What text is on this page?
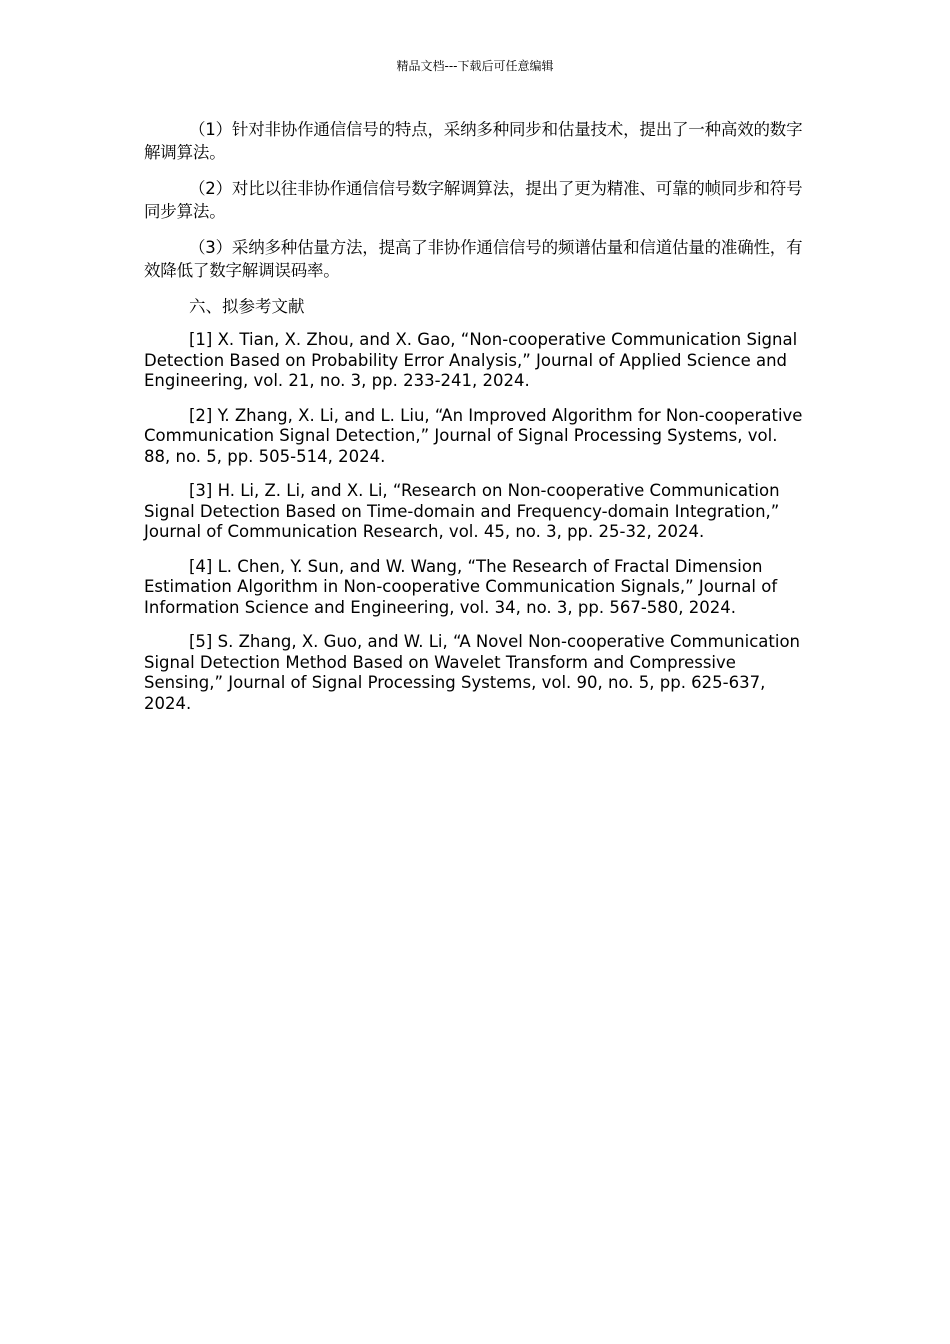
精品文档---下载后可任意编辑

（1）针对非协作通信信号的特点，采纳多种同步和估量技术，提出了一种高效的数字解调算法。

（2）对比以往非协作通信信号数字解调算法，提出了更为精准、可靠的帧同步和符号同步算法。

（3）采纳多种估量方法，提高了非协作通信信号的频谱估量和信道估量的准确性，有效降低了数字解调误码率。

六、拟参考文献

[1] X. Tian, X. Zhou, and X. Gao, “Non-cooperative Communication Signal Detection Based on Probability Error Analysis,” Journal of Applied Science and Engineering, vol. 21, no. 3, pp. 233-241, 2024.

[2] Y. Zhang, X. Li, and L. Liu, “An Improved Algorithm for Non-cooperative Communication Signal Detection,” Journal of Signal Processing Systems, vol. 88, no. 5, pp. 505-514, 2024.

[3] H. Li, Z. Li, and X. Li, “Research on Non-cooperative Communication Signal Detection Based on Time-domain and Frequency-domain Integration,” Journal of Communication Research, vol. 45, no. 3, pp. 25-32, 2024.

[4] L. Chen, Y. Sun, and W. Wang, “The Research of Fractal Dimension Estimation Algorithm in Non-cooperative Communication Signals,” Journal of Information Science and Engineering, vol. 34, no. 3, pp. 567-580, 2024.

[5] S. Zhang, X. Guo, and W. Li, “A Novel Non-cooperative Communication Signal Detection Method Based on Wavelet Transform and Compressive Sensing,” Journal of Signal Processing Systems, vol. 90, no. 5, pp. 625-637, 2024.
